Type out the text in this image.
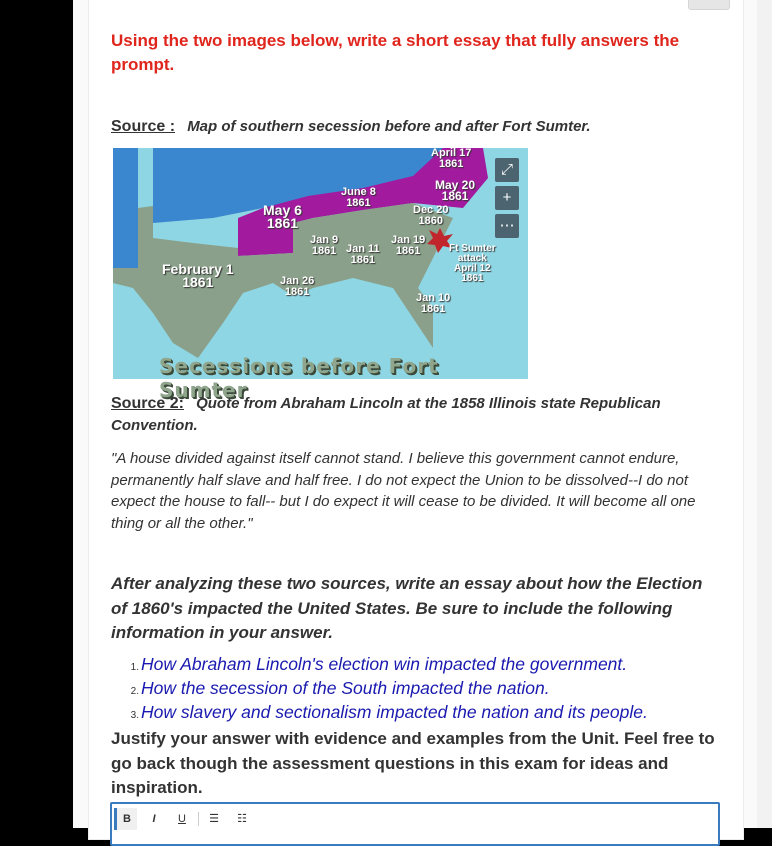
Using the two images below, write a short essay that fully answers the prompt.
Source : Map of southern secession before and after Fort Sumter.
April 17
1861
May 20
1861
June 8
1861
May 6
1861
Dec 20
1860
Jan 9
1861 Jan 11
1861
Jan 19
1861
February 1
1861	Jan 26
1861	Jan 10
1861
Ft Sumter
attack
April 12
1861
⤢
+
⋯
Secessions before Fort Sumter
Source 2: Quote from Abraham Lincoln at the 1858 Illinois state Republican Convention.
"A house divided against itself cannot stand. I believe this government cannot endure, permanently half slave and half free. I do not expect the Union to be dissolved--I do not expect the house to fall-- but I do expect it will cease to be divided. It will become all one thing or all the other."
After analyzing these two sources, write an essay about how the Election of 1860's impacted the United States. Be sure to include the following information in your answer.
1. How Abraham Lincoln's election win impacted the government.
2. How the secession of the South impacted the nation.
3. How slavery and sectionalism impacted the nation and its people.
Justify your answer with evidence and examples from the Unit. Feel free to go back though the assessment questions in this exam for ideas and inspiration.
B	I	U	☰	☷
